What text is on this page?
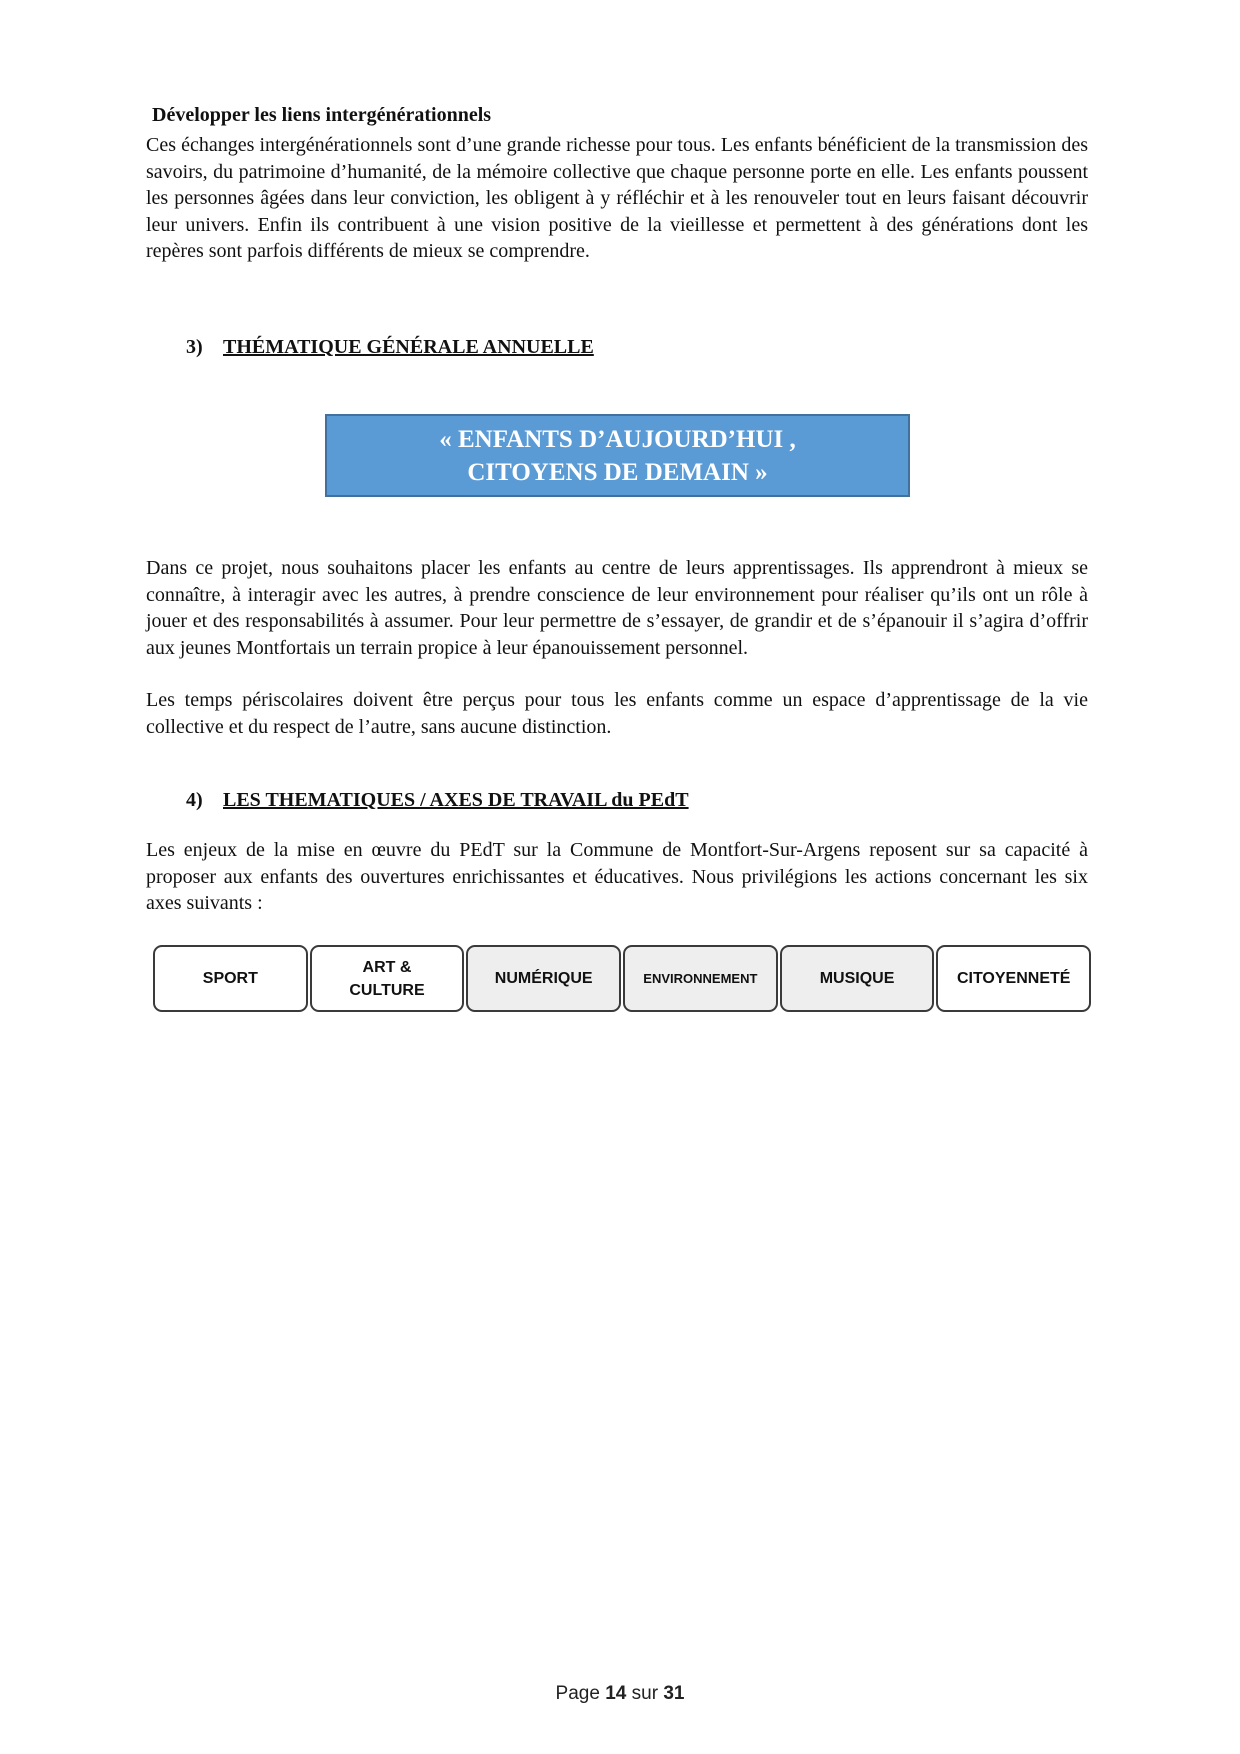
Développer les liens intergénérationnels

Ces échanges intergénérationnels sont d’une grande richesse pour tous. Les enfants bénéficient de la transmission des savoirs, du patrimoine d’humanité, de la mémoire collective que chaque personne porte en elle. Les enfants poussent les personnes âgées dans leur conviction, les obligent à y réfléchir et à les renouveler tout en leurs faisant découvrir leur univers. Enfin ils contribuent à une vision positive de la vieillesse et permettent à des générations dont les repères sont parfois différents de mieux se comprendre.

3) THÉMATIQUE GÉNÉRALE ANNUELLE
« ENFANTS D’AUJOURD’HUI ,
CITOYENS DE DEMAIN »

Dans ce projet, nous souhaitons placer les enfants au centre de leurs apprentissages. Ils apprendront à mieux se connaître, à interagir avec les autres, à prendre conscience de leur environnement pour réaliser qu’ils ont un rôle à jouer et des responsabilités à assumer. Pour leur permettre de s’essayer, de grandir et de s’épanouir il s’agira d’offrir aux jeunes Montfortais un terrain propice à leur épanouissement personnel.

Les temps périscolaires doivent être perçus pour tous les enfants comme un espace d’apprentissage de la vie collective et du respect de l’autre, sans aucune distinction.

4) LES THEMATIQUES / AXES DE TRAVAIL du PEdT

Les enjeux de la mise en œuvre du PEdT sur la Commune de Montfort-Sur-Argens reposent sur sa capacité à proposer aux enfants des ouvertures enrichissantes et éducatives. Nous privilégions les actions concernant les six axes suivants :

SPORT
ART &
CULTURE
NUMÉRIQUE	ENVIRONNEMENT	MUSIQUE	CITOYENNETÉ
Page 14 sur 31
